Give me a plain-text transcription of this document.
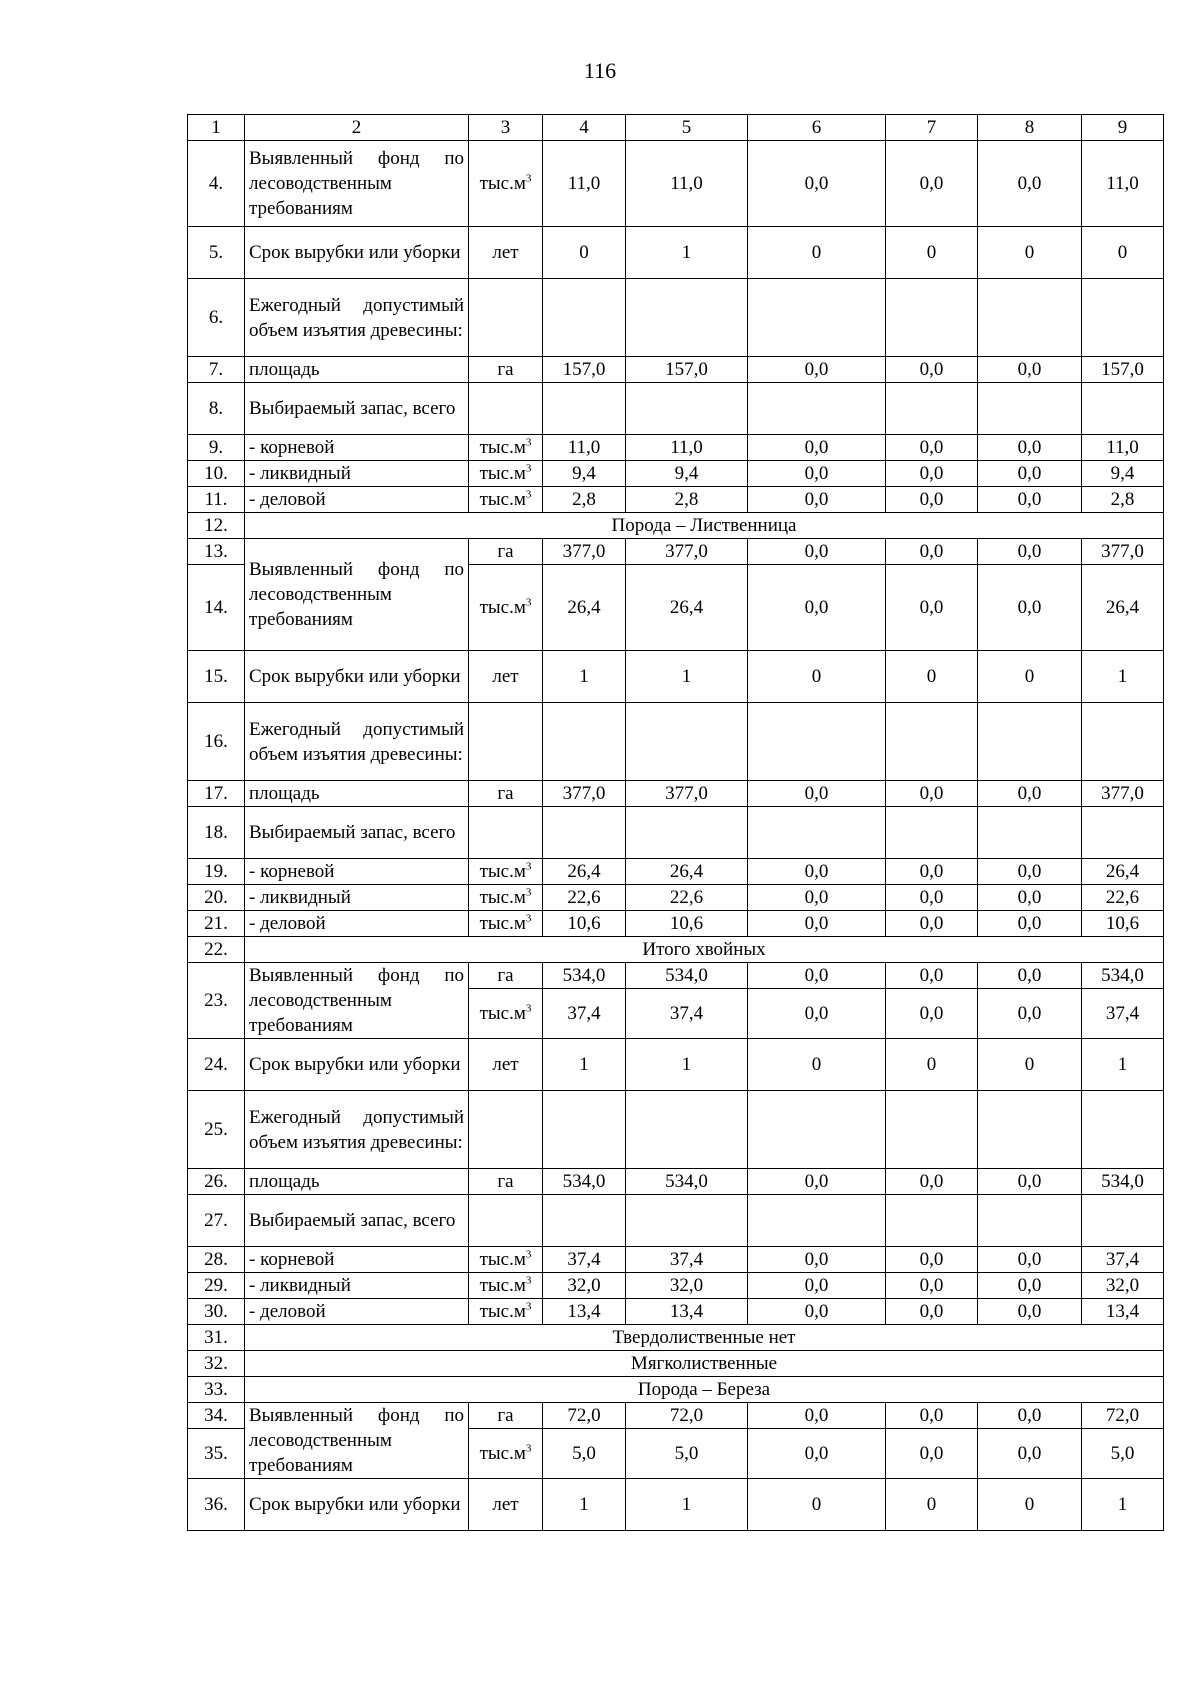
116
1	2	3	4	5	6	7	8	9
4.	Выявленный фонд по лесоводственным требованиям	$тыс.м^3$	11,0	11,0	0,0	0,0	0,0	11,0
5.	Срок вырубки или уборки	лет	0	1	0	0	0	0
6.	Ежегодный допустимый объем изъятия древесины:							
7.	площадь	га	157,0	157,0	0,0	0,0	0,0	157,0
8.	Выбираемый запас, всего							
9.	- корневой	$тыс.м^3$	11,0	11,0	0,0	0,0	0,0	11,0
10.	- ликвидный	$тыс.м^3$	9,4	9,4	0,0	0,0	0,0	9,4
11.	- деловой	$тыс.м^3$	2,8	2,8	0,0	0,0	0,0	2,8
12.	Порода – Лиственница							
13.	Выявленный фонд по лесоводственным требованиям	га	377,0	377,0	0,0	0,0	0,0	377,0
14.		$тыс.м^3$	26,4	26,4	0,0	0,0	0,0	26,4
15.	Срок вырубки или уборки	лет	1	1	0	0	0	1
16.	Ежегодный допустимый объем изъятия древесины:							
17.	площадь	га	377,0	377,0	0,0	0,0	0,0	377,0
18.	Выбираемый запас, всего							
19.	- корневой	$тыс.м^3$	26,4	26,4	0,0	0,0	0,0	26,4
20.	- ликвидный	$тыс.м^3$	22,6	22,6	0,0	0,0	0,0	22,6
21.	- деловой	$тыс.м^3$	10,6	10,6	0,0	0,0	0,0	10,6
22.	Итого хвойных							
23.	Выявленный фонд по лесоводственным требованиям	га	534,0	534,0	0,0	0,0	0,0	534,0
		$тыс.м^3$	37,4	37,4	0,0	0,0	0,0	37,4
24.	Срок вырубки или уборки	лет	1	1	0	0	0	1
25.	Ежегодный допустимый объем изъятия древесины:							
26.	площадь	га	534,0	534,0	0,0	0,0	0,0	534,0
27.	Выбираемый запас, всего							
28.	- корневой	$тыс.м^3$	37,4	37,4	0,0	0,0	0,0	37,4
29.	- ликвидный	$тыс.м^3$	32,0	32,0	0,0	0,0	0,0	32,0
30.	- деловой	$тыс.м^3$	13,4	13,4	0,0	0,0	0,0	13,4
31.	Твердолиственные нет							
32.	Мягколиственные							
33.	Порода – Береза							
34.	Выявленный фонд по лесоводственным требованиям	га	72,0	72,0	0,0	0,0	0,0	72,0
35.		$тыс.м^3$	5,0	5,0	0,0	0,0	0,0	5,0
36.	Срок вырубки или уборки	лет	1	1	0	0	0	1
